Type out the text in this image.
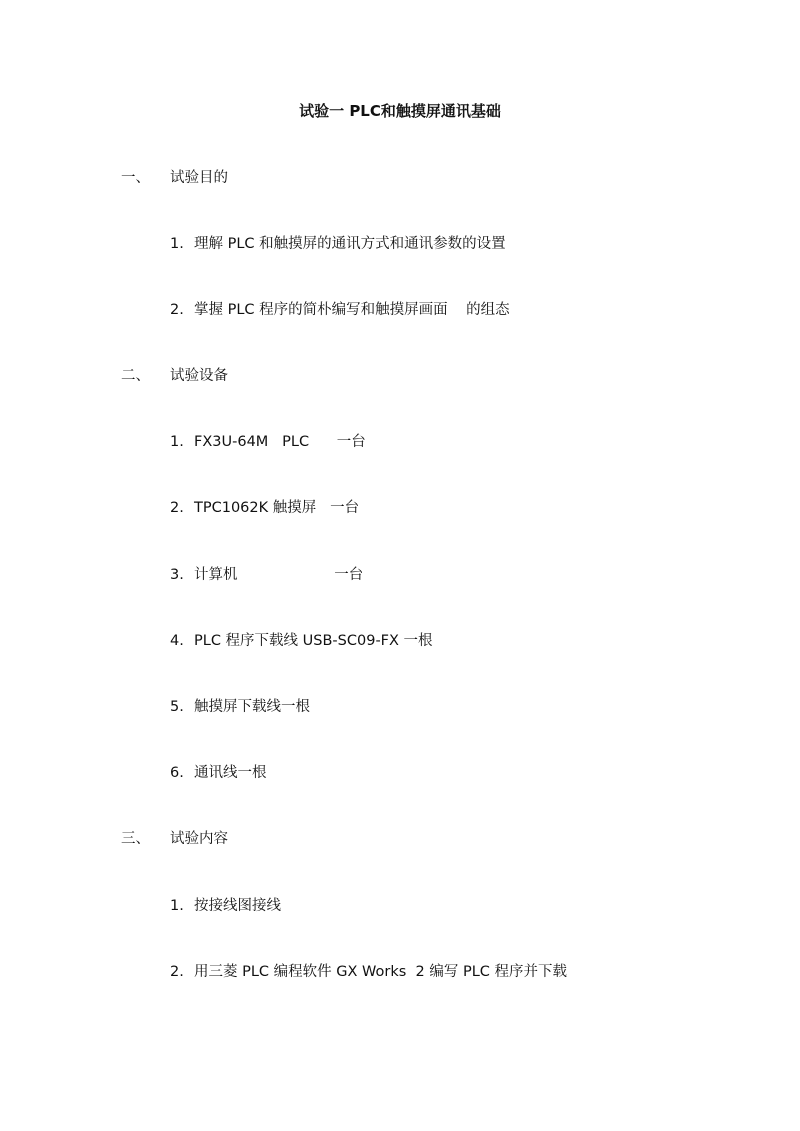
试验一 PLC和触摸屏通讯基础
一、 试验目的
1. 理解 PLC 和触摸屏的通讯方式和通讯参数的设置
2. 掌握 PLC 程序的简朴编写和触摸屏画面    的组态
二、 试验设备
1. FX3U-64M   PLC      一台
2. TPC1062K 触摸屏   一台
3. 计算机                     一台
4. PLC 程序下载线 USB-SC09-FX 一根
5. 触摸屏下载线一根
6. 通讯线一根
三、 试验内容
1. 按接线图接线
2. 用三菱 PLC 编程软件 GX Works  2 编写 PLC 程序并下载
